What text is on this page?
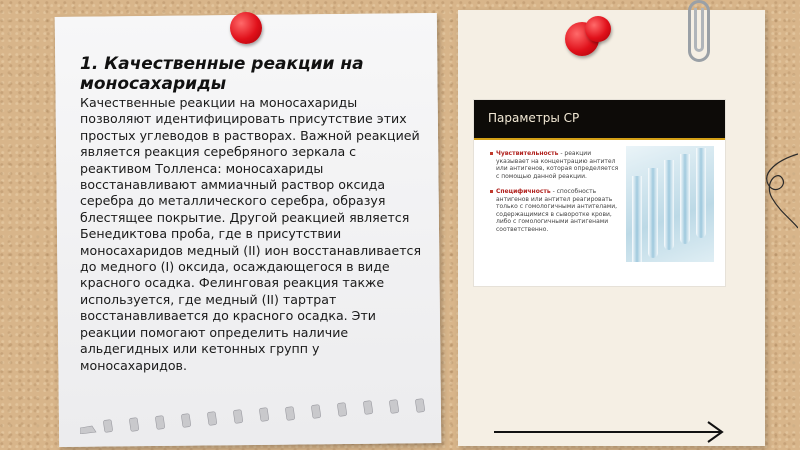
1. Качественные реакции на моносахариды

Качественные реакции на моносахариды позволяют идентифицировать присутствие этих простых углеводов в растворах. Важной реакцией является реакция серебряного зеркала с реактивом Толленса: моносахариды восстанавливают аммиачный раствор оксида серебра до металлического серебра, образуя блестящее покрытие. Другой реакцией является Бенедиктова проба, где в присутствии моносахаридов медный (II) ион восстанавливается до медного (I) оксида, осаждающегося в виде красного осадка. Фелинговая реакция также используется, где медный (II) тартрат восстанавливается до красного осадка. Эти реакции помогают определить наличие альдегидных или кетонных групп у моносахаридов.

Параметры СР
Чувствительность - реакции указывает на концентрацию антител или антигенов, которая определяется с помощью данной реакции.
Специфичность - способность антигенов или антител реагировать только с гомологичными антителами, содержащимися в сыворотке крови, либо с гомологичными антигенами соответственно.
